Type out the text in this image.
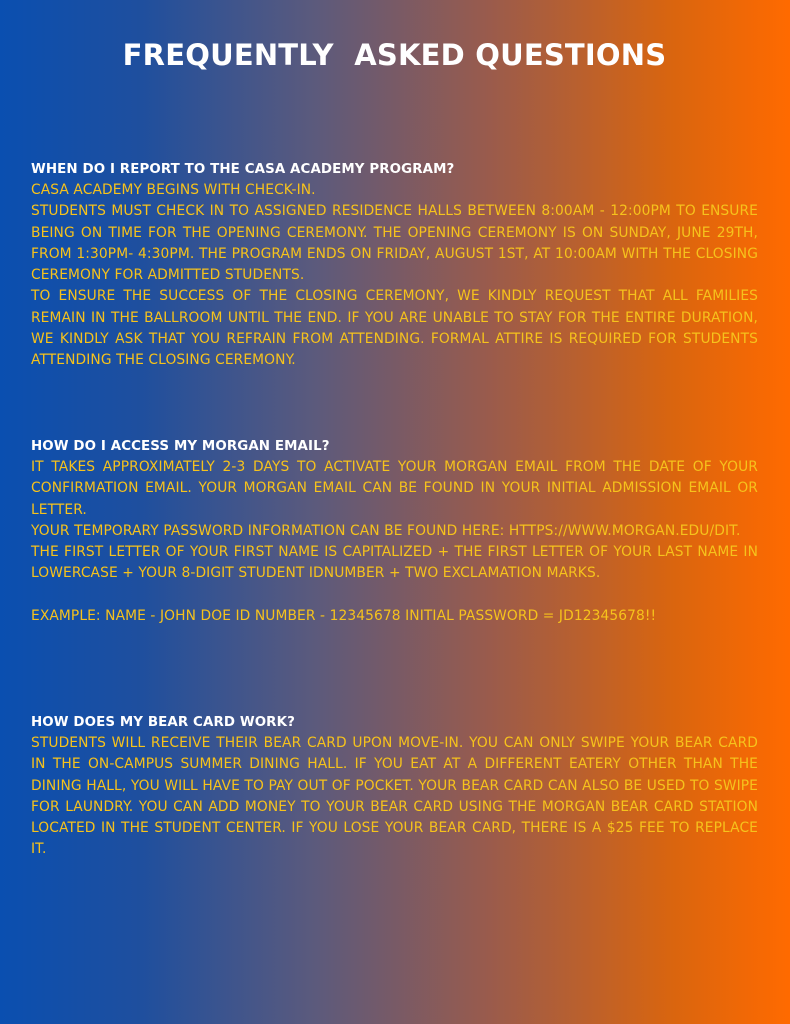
FREQUENTLY  ASKED QUESTIONS

WHEN DO I REPORT TO THE CASA ACADEMY PROGRAM?

CASA ACADEMY BEGINS WITH CHECK-IN.

STUDENTS MUST CHECK IN TO ASSIGNED RESIDENCE HALLS BETWEEN 8:00AM - 12:00PM TO ENSURE BEING ON TIME FOR THE OPENING CEREMONY. THE OPENING CEREMONY IS ON SUNDAY, JUNE 29TH, FROM 1:30PM- 4:30PM. THE PROGRAM ENDS ON FRIDAY, AUGUST 1ST, AT 10:00AM WITH THE CLOSING CEREMONY FOR ADMITTED STUDENTS.

TO ENSURE THE SUCCESS OF THE CLOSING CEREMONY, WE KINDLY REQUEST THAT ALL FAMILIES REMAIN IN THE BALLROOM UNTIL THE END. IF YOU ARE UNABLE TO STAY FOR THE ENTIRE DURATION, WE KINDLY ASK THAT YOU REFRAIN FROM ATTENDING. FORMAL ATTIRE IS REQUIRED FOR STUDENTS ATTENDING THE CLOSING CEREMONY.

HOW DO I ACCESS MY MORGAN EMAIL?

IT TAKES APPROXIMATELY 2-3 DAYS TO ACTIVATE YOUR MORGAN EMAIL FROM THE DATE OF YOUR CONFIRMATION EMAIL. YOUR MORGAN EMAIL CAN BE FOUND IN YOUR INITIAL ADMISSION EMAIL OR LETTER.

YOUR TEMPORARY PASSWORD INFORMATION CAN BE FOUND HERE: HTTPS://WWW.MORGAN.EDU/DIT.

THE FIRST LETTER OF YOUR FIRST NAME IS CAPITALIZED + THE FIRST LETTER OF YOUR LAST NAME IN LOWERCASE + YOUR 8-DIGIT STUDENT IDNUMBER + TWO EXCLAMATION MARKS.

EXAMPLE: NAME - JOHN DOE ID NUMBER - 12345678 INITIAL PASSWORD = JD12345678!!

HOW DOES MY BEAR CARD WORK?

STUDENTS WILL RECEIVE THEIR BEAR CARD UPON MOVE-IN. YOU CAN ONLY SWIPE YOUR BEAR CARD IN THE ON-CAMPUS SUMMER DINING HALL. IF YOU EAT AT A DIFFERENT EATERY OTHER THAN THE DINING HALL, YOU WILL HAVE TO PAY OUT OF POCKET. YOUR BEAR CARD CAN ALSO BE USED TO SWIPE FOR LAUNDRY. YOU CAN ADD MONEY TO YOUR BEAR CARD USING THE MORGAN BEAR CARD STATION LOCATED IN THE STUDENT CENTER. IF YOU LOSE YOUR BEAR CARD, THERE IS A $25 FEE TO REPLACE IT.
